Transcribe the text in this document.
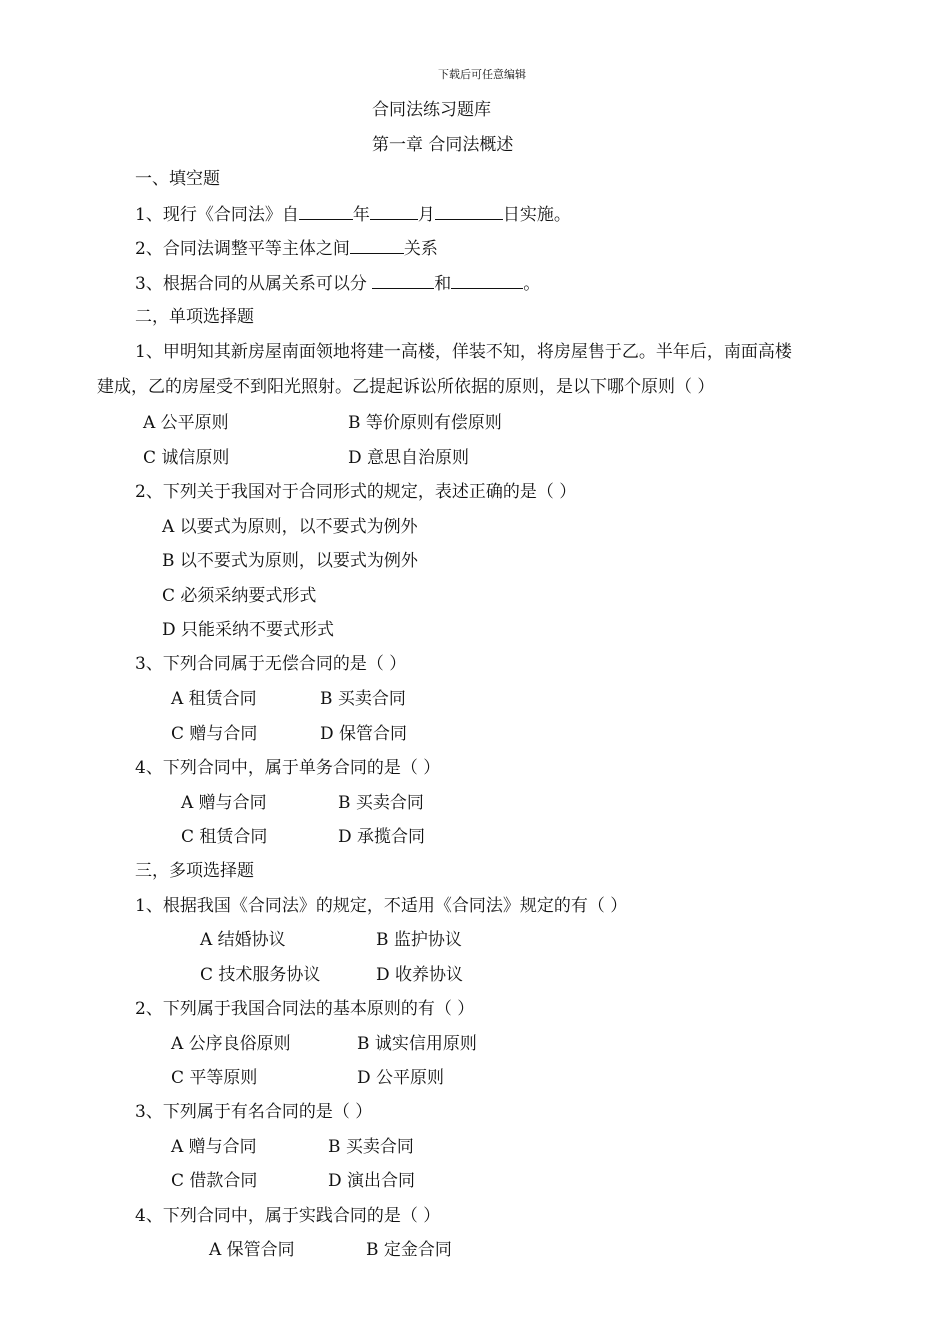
下载后可任意编辑
合同法练习题库
第一章 合同法概述
一、填空题
1、现行《合同法》自	年	月	日实施。
2、合同法调整平等主体之间	关系
3、根据合同的从属关系可以分	和	。
二，单项选择题
1、甲明知其新房屋南面领地将建一高楼，佯装不知，将房屋售于乙。半年后，南面高楼
建成，乙的房屋受不到阳光照射。乙提起诉讼所依据的原则，是以下哪个原则（ ）
A 公平原则	B 等价原则有偿原则
C 诚信原则	D 意思自治原则
2、下列关于我国对于合同形式的规定，表述正确的是（ ）
A 以要式为原则，以不要式为例外
B 以不要式为原则，以要式为例外
C 必须采纳要式形式
D 只能采纳不要式形式
3、下列合同属于无偿合同的是（ ）
A 租赁合同	B 买卖合同
C 赠与合同	D 保管合同
4、下列合同中，属于单务合同的是（ ）
A 赠与合同	B 买卖合同
C 租赁合同	D 承揽合同
三，多项选择题
1、根据我国《合同法》的规定，不适用《合同法》规定的有（ ）
A 结婚协议	B 监护协议
C 技术服务协议	D 收养协议
2、下列属于我国合同法的基本原则的有（ ）
A 公序良俗原则	B 诚实信用原则
C 平等原则	D 公平原则
3、下列属于有名合同的是（ ）
A 赠与合同	B 买卖合同
C 借款合同	D 演出合同
4、下列合同中，属于实践合同的是（ ）
A 保管合同	B 定金合同
